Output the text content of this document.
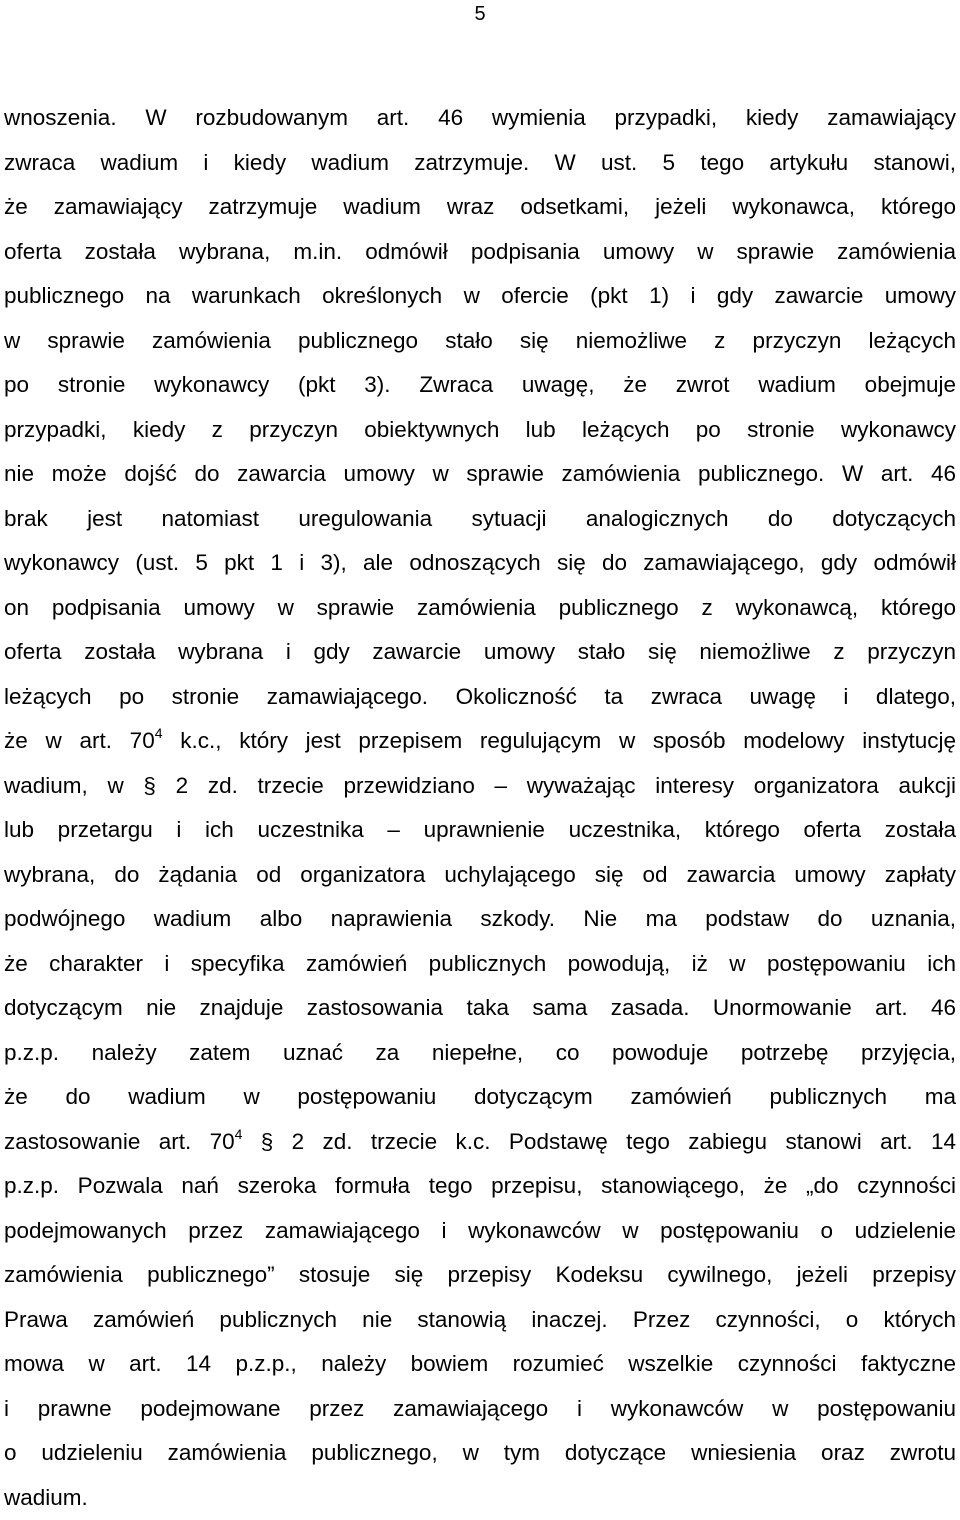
5
wnoszenia. W rozbudowanym art. 46 wymienia przypadki, kiedy zamawiający
zwraca wadium i kiedy wadium zatrzymuje. W ust. 5 tego artykułu stanowi,
że zamawiający zatrzymuje wadium wraz odsetkami, jeżeli wykonawca, którego
oferta została wybrana, m.in. odmówił podpisania umowy w sprawie zamówienia
publicznego na warunkach określonych w ofercie (pkt 1) i gdy zawarcie umowy
w sprawie zamówienia publicznego stało się niemożliwe z przyczyn leżących
po stronie wykonawcy (pkt 3). Zwraca uwagę, że zwrot wadium obejmuje
przypadki, kiedy z przyczyn obiektywnych lub leżących po stronie wykonawcy
nie może dojść do zawarcia umowy w sprawie zamówienia publicznego. W art. 46
brak jest natomiast uregulowania sytuacji analogicznych do dotyczących
wykonawcy (ust. 5 pkt 1 i 3), ale odnoszących się do zamawiającego, gdy odmówił
on podpisania umowy w sprawie zamówienia publicznego z wykonawcą, którego
oferta została wybrana i gdy zawarcie umowy stało się niemożliwe z przyczyn
leżących po stronie zamawiającego. Okoliczność ta zwraca uwagę i dlatego,
że w art. $70^4$ k.c., który jest przepisem regulującym w sposób modelowy instytucję
wadium, w § 2 zd. trzecie przewidziano – wyważając interesy organizatora aukcji
lub przetargu i ich uczestnika – uprawnienie uczestnika, którego oferta została
wybrana, do żądania od organizatora uchylającego się od zawarcia umowy zapłaty
podwójnego wadium albo naprawienia szkody. Nie ma podstaw do uznania,
że charakter i specyfika zamówień publicznych powodują, iż w postępowaniu ich
dotyczącym nie znajduje zastosowania taka sama zasada. Unormowanie art. 46
p.z.p. należy zatem uznać za niepełne, co powoduje potrzebę przyjęcia,
że do wadium w postępowaniu dotyczącym zamówień publicznych ma
zastosowanie art. $70^4$ § 2 zd. trzecie k.c. Podstawę tego zabiegu stanowi art. 14
p.z.p. Pozwala nań szeroka formuła tego przepisu, stanowiącego, że „do czynności
podejmowanych przez zamawiającego i wykonawców w postępowaniu o udzielenie
zamówienia publicznego” stosuje się przepisy Kodeksu cywilnego, jeżeli przepisy
Prawa zamówień publicznych nie stanowią inaczej. Przez czynności, o których
mowa w art. 14 p.z.p., należy bowiem rozumieć wszelkie czynności faktyczne
i prawne podejmowane przez zamawiającego i wykonawców w postępowaniu
o udzieleniu zamówienia publicznego, w tym dotyczące wniesienia oraz zwrotu
wadium.
